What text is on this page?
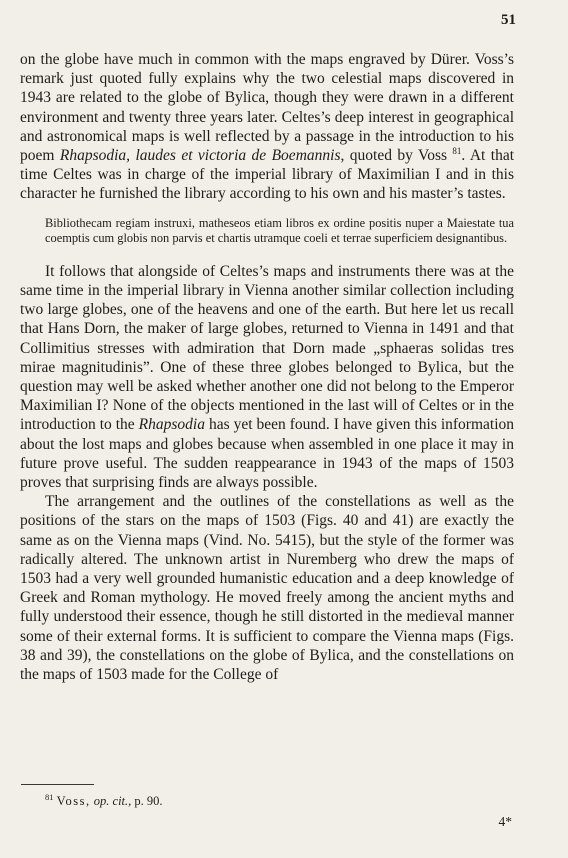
51

on the globe have much in common with the maps engraved by Dürer. Voss’s remark just quoted fully explains why the two celestial maps discovered in 1943 are related to the globe of Bylica, though they were drawn in a different environment and twenty three years later. Celtes’s deep interest in geographical and astronomical maps is well reflected by a passage in the introduction to his poem Rhapsodia, laudes et victoria de Boemannis, quoted by Voss $^{81}$. At that time Celtes was in charge of the imperial library of Maximilian I and in this character he furnished the library according to his own and his master’s tastes.

Bibliothecam regiam instruxi, matheseos etiam libros ex ordine positis nuper a Maiestate tua coemptis cum globis non parvis et chartis utramque coeli et terrae superficiem designantibus.

It follows that alongside of Celtes’s maps and instruments there was at the same time in the imperial library in Vienna another similar collection including two large globes, one of the heavens and one of the earth. But here let us recall that Hans Dorn, the maker of large globes, returned to Vienna in 1491 and that Collimitius stresses with admiration that Dorn made „sphaeras solidas tres mirae magnitudinis”. One of these three globes belonged to Bylica, but the question may well be asked whether another one did not belong to the Emperor Maximilian I? None of the objects mentioned in the last will of Celtes or in the introduction to the Rhapsodia has yet been found. I have given this information about the lost maps and globes because when assembled in one place it may in future prove useful. The sudden reappearance in 1943 of the maps of 1503 proves that surprising finds are always possible.

The arrangement and the outlines of the constellations as well as the positions of the stars on the maps of 1503 (Figs. 40 and 41) are exactly the same as on the Vienna maps (Vind. No. 5415), but the style of the former was radically altered. The unknown artist in Nuremberg who drew the maps of 1503 had a very well grounded humanistic education and a deep knowledge of Greek and Roman mythology. He moved freely among the ancient myths and fully understood their essence, though he still distorted in the medieval manner some of their external forms. It is sufficient to compare the Vienna maps (Figs. 38 and 39), the constellations on the globe of Bylica, and the constellations on the maps of 1503 made for the College of

$^{81}$ Voss, op. cit., p. 90.
4*
